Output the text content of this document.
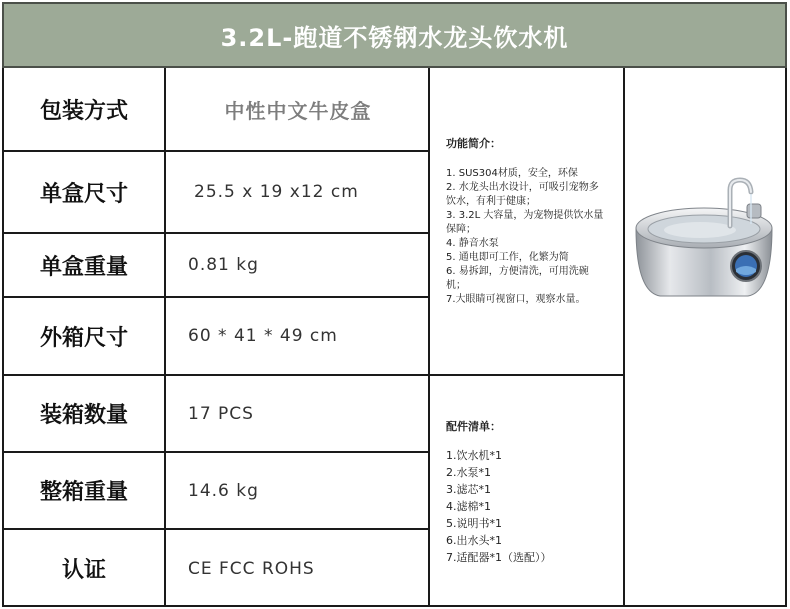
3.2L-跑道不锈钢水龙头饮水机
包装方式	中性中文牛皮盒
单盒尺寸	25.5 x 19 x12 cm
单盒重量	0.81 kg
外箱尺寸	60 * 41 * 49 cm
装箱数量	17 PCS
整箱重量	14.6 kg
认证	CE FCC ROHS
功能简介：

1. SUS304材质，安全，环保

2. 水龙头出水设计，可吸引宠物多饮水，有利于健康；

3. 3.2L 大容量，为宠物提供饮水量保障；

4. 静音水泵

5. 通电即可工作，化繁为简

6. 易拆卸，方便清洗，可用洗碗机；

7.大眼睛可视窗口，观察水量。

配件清单：

1.饮水机*1

2.水泵*1

3.滤芯*1

4.滤棉*1

5.说明书*1

6.出水头*1

7.适配器*1（选配））
